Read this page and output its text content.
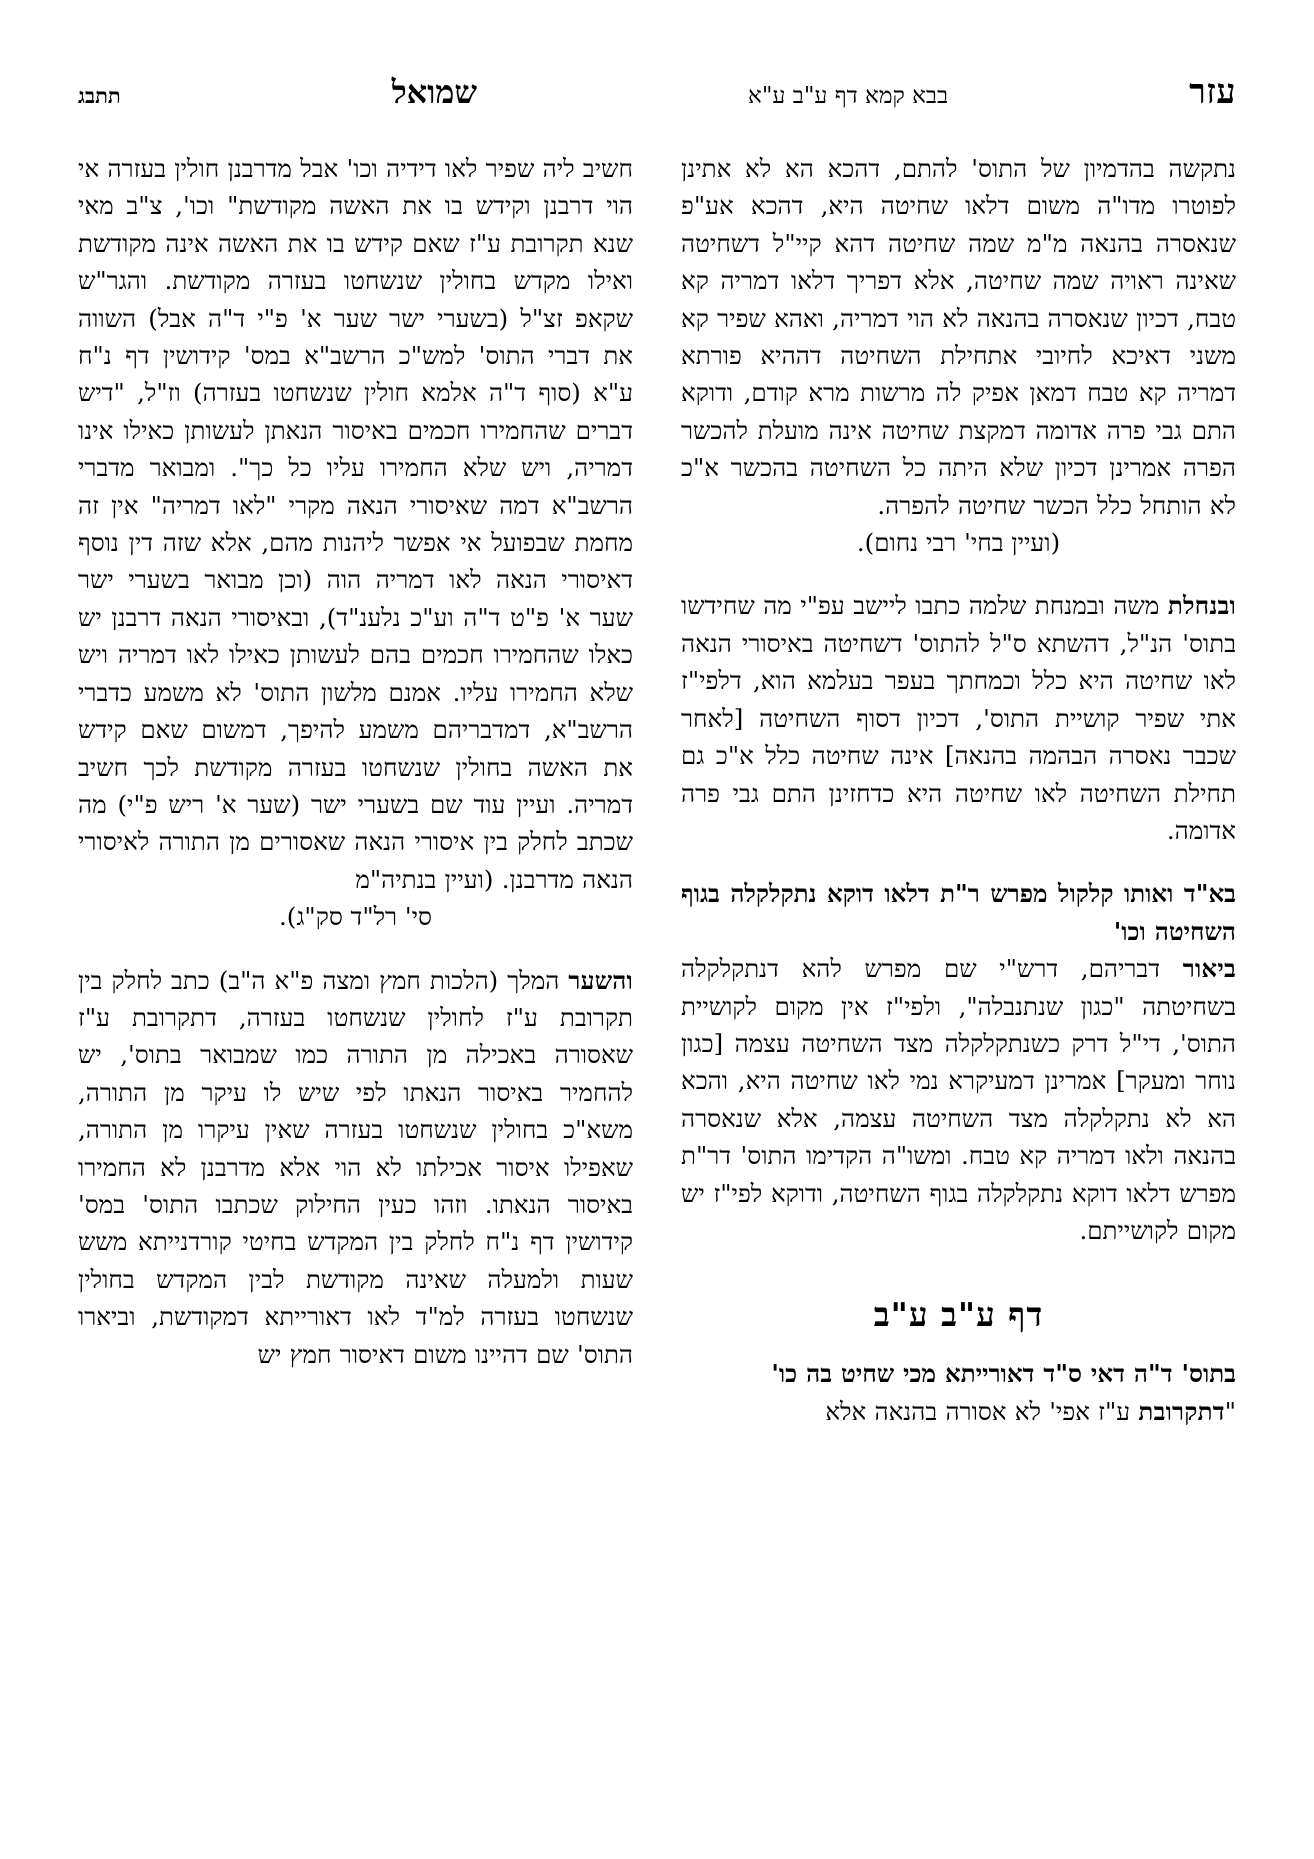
עזר
בבא קמא דף ע"ב ע"א
שמואל
תתבג

נתקשה בהדמיון של התוס' להתם, דהכא הא לא אתינן לפוטרו מדו"ה משום דלאו שחיטה היא, דהכא אע"פ שנאסרה בהנאה מ"מ שמה שחיטה דהא קיי"ל דשחיטה שאינה ראויה שמה שחיטה, אלא דפריך דלאו דמריה קא טבח, דכיון שנאסרה בהנאה לא הוי דמריה, ואהא שפיר קא משני דאיכא לחיובי אתחילת השחיטה דההיא פורתא דמריה קא טבח דמאן אפיק לה מרשות מרא קודם, ודוקא התם גבי פרה אדומה דמקצת שחיטה אינה מועלת להכשר הפרה אמרינן דכיון שלא היתה כל השחיטה בהכשר א"כ לא הותחל כלל הכשר שחיטה להפרה.

(ועיין בחי' רבי נחום).

ובנחלת משה ובמנחת שלמה כתבו ליישב עפ"י מה שחידשו בתוס' הנ"ל, דהשתא ס"ל להתוס' דשחיטה באיסורי הנאה לאו שחיטה היא כלל וכמחתך בעפר בעלמא הוא, דלפי"ז אתי שפיר קושיית התוס', דכיון דסוף השחיטה [לאחר שכבר נאסרה הבהמה בהנאה] אינה שחיטה כלל א"כ גם תחילת השחיטה לאו שחיטה היא כדחזינן התם גבי פרה אדומה.

בא"ד ואותו קלקול מפרש ר"ת דלאו דוקא נתקלקלה בגוף השחיטה וכו'

ביאור דבריהם, דרש"י שם מפרש להא דנתקלקלה בשחיטתה "כגון שנתנבלה", ולפי"ז אין מקום לקושיית התוס', די"ל דרק כשנתקלקלה מצד השחיטה עצמה [כגון נוחר ומעקר] אמרינן דמעיקרא נמי לאו שחיטה היא, והכא הא לא נתקלקלה מצד השחיטה עצמה, אלא שנאסרה בהנאה ולאו דמריה קא טבח. ומשו"ה הקדימו התוס' דר"ת מפרש דלאו דוקא נתקלקלה בגוף השחיטה, ודוקא לפי"ז יש מקום לקושייתם.

דף ע"ב ע"ב

בתוס' ד"ה דאי ס"ד דאורייתא מכי שחיט בה כו'

"דתקרובת ע"ז אפי' לא אסורה בהנאה אלא

חשיב ליה שפיר לאו דידיה וכו' אבל מדרבנן חולין בעזרה אי הוי דרבנן וקידש בו את האשה מקודשת" וכו', צ"ב מאי שנא תקרובת ע"ז שאם קידש בו את האשה אינה מקודשת ואילו מקדש בחולין שנשחטו בעזרה מקודשת. והגר"ש שקאפ זצ"ל (בשערי ישר שער א' פ"י ד"ה אבל) השווה את דברי התוס' למש"כ הרשב"א במס' קידושין דף נ"ח ע"א (סוף ד"ה אלמא חולין שנשחטו בעזרה) וז"ל, "דיש דברים שהחמירו חכמים באיסור הנאתן לעשותן כאילו אינו דמריה, ויש שלא החמירו עליו כל כך". ומבואר מדברי הרשב"א דמה שאיסורי הנאה מקרי "לאו דמריה" אין זה מחמת שבפועל אי אפשר ליהנות מהם, אלא שזה דין נוסף דאיסורי הנאה לאו דמריה הוה (וכן מבואר בשערי ישר שער א' פ"ט ד"ה וע"כ נלענ"ד), ובאיסורי הנאה דרבנן יש כאלו שהחמירו חכמים בהם לעשותן כאילו לאו דמריה ויש שלא החמירו עליו. אמנם מלשון התוס' לא משמע כדברי הרשב"א, דמדבריהם משמע להיפך, דמשום שאם קידש את האשה בחולין שנשחטו בעזרה מקודשת לכך חשיב דמריה. ועיין עוד שם בשערי ישר (שער א' ריש פ"י) מה שכתב לחלק בין איסורי הנאה שאסורים מן התורה לאיסורי הנאה מדרבנן. (ועיין בנתיה"מ

סי' רל"ד סק"ג).

והשער המלך (הלכות חמץ ומצה פ"א ה"ב) כתב לחלק בין תקרובת ע"ז לחולין שנשחטו בעזרה, דתקרובת ע"ז שאסורה באכילה מן התורה כמו שמבואר בתוס', יש להחמיר באיסור הנאתו לפי שיש לו עיקר מן התורה, משא"כ בחולין שנשחטו בעזרה שאין עיקרו מן התורה, שאפילו איסור אכילתו לא הוי אלא מדרבנן לא החמירו באיסור הנאתו. וזהו כעין החילוק שכתבו התוס' במס' קידושין דף נ"ח לחלק בין המקדש בחיטי קורדנייתא משש שעות ולמעלה שאינה מקודשת לבין המקדש בחולין שנשחטו בעזרה למ"ד לאו דאורייתא דמקודשת, וביארו התוס' שם דהיינו משום דאיסור חמץ יש
